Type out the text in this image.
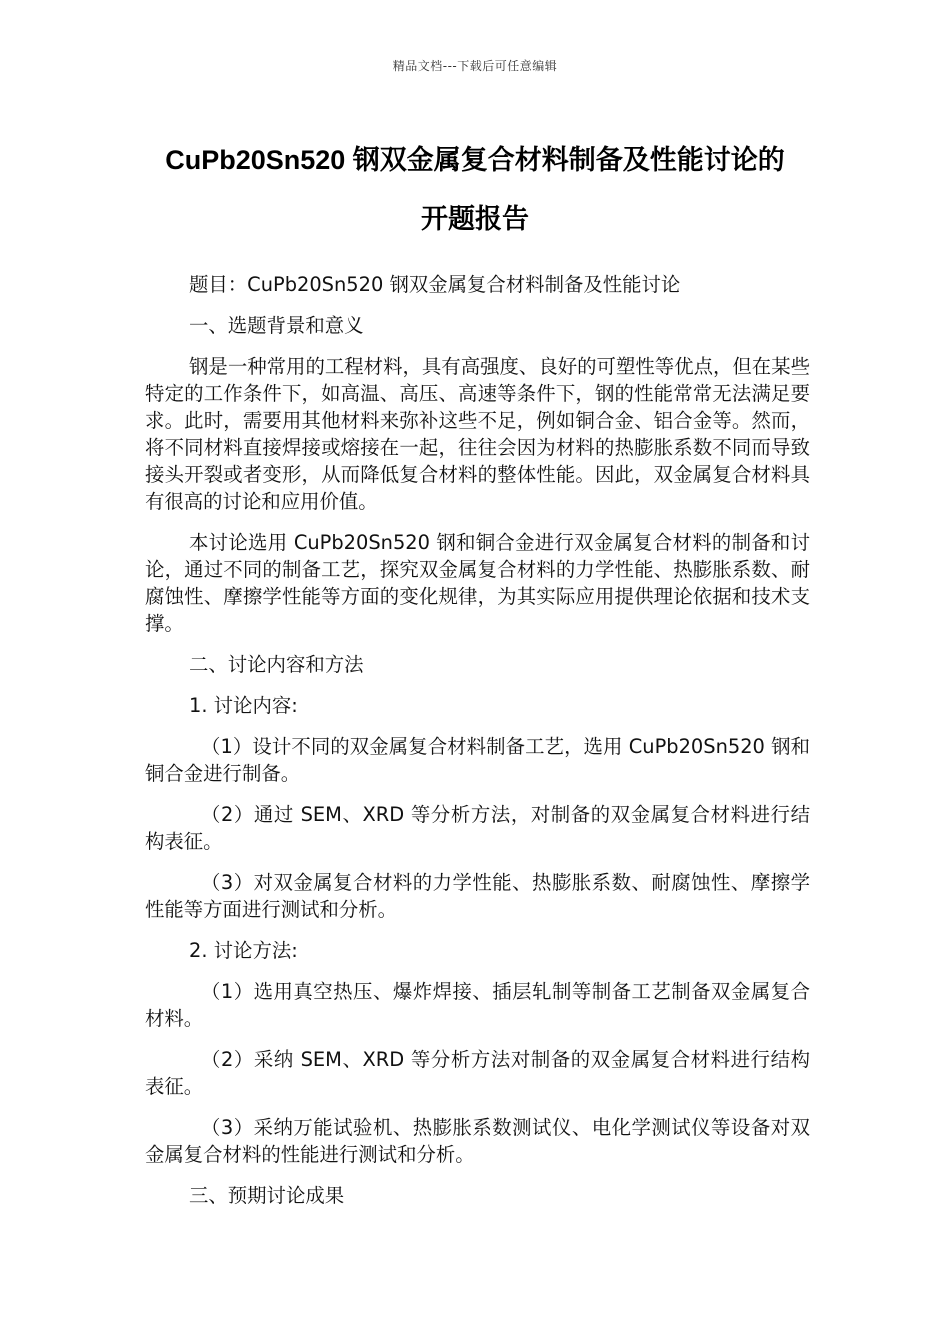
精品文档---下载后可任意编辑
CuPb20Sn520 钢双金属复合材料制备及性能讨论的
开题报告

题目：CuPb20Sn520 钢双金属复合材料制备及性能讨论

一、选题背景和意义

钢是一种常用的工程材料，具有高强度、良好的可塑性等优点，但在某些特定的工作条件下，如高温、高压、高速等条件下，钢的性能常常无法满足要求。此时，需要用其他材料来弥补这些不足，例如铜合金、铝合金等。然而，将不同材料直接焊接或熔接在一起，往往会因为材料的热膨胀系数不同而导致接头开裂或者变形，从而降低复合材料的整体性能。因此，双金属复合材料具有很高的讨论和应用价值。

本讨论选用 CuPb20Sn520 钢和铜合金进行双金属复合材料的制备和讨论，通过不同的制备工艺，探究双金属复合材料的力学性能、热膨胀系数、耐腐蚀性、摩擦学性能等方面的变化规律，为其实际应用提供理论依据和技术支撑。

二、讨论内容和方法

1. 讨论内容:

（1）设计不同的双金属复合材料制备工艺，选用 CuPb20Sn520 钢和铜合金进行制备。

（2）通过 SEM、XRD 等分析方法，对制备的双金属复合材料进行结构表征。

（3）对双金属复合材料的力学性能、热膨胀系数、耐腐蚀性、摩擦学性能等方面进行测试和分析。

2. 讨论方法:

（1）选用真空热压、爆炸焊接、插层轧制等制备工艺制备双金属复合材料。

（2）采纳 SEM、XRD 等分析方法对制备的双金属复合材料进行结构表征。

（3）采纳万能试验机、热膨胀系数测试仪、电化学测试仪等设备对双金属复合材料的性能进行测试和分析。

三、预期讨论成果
